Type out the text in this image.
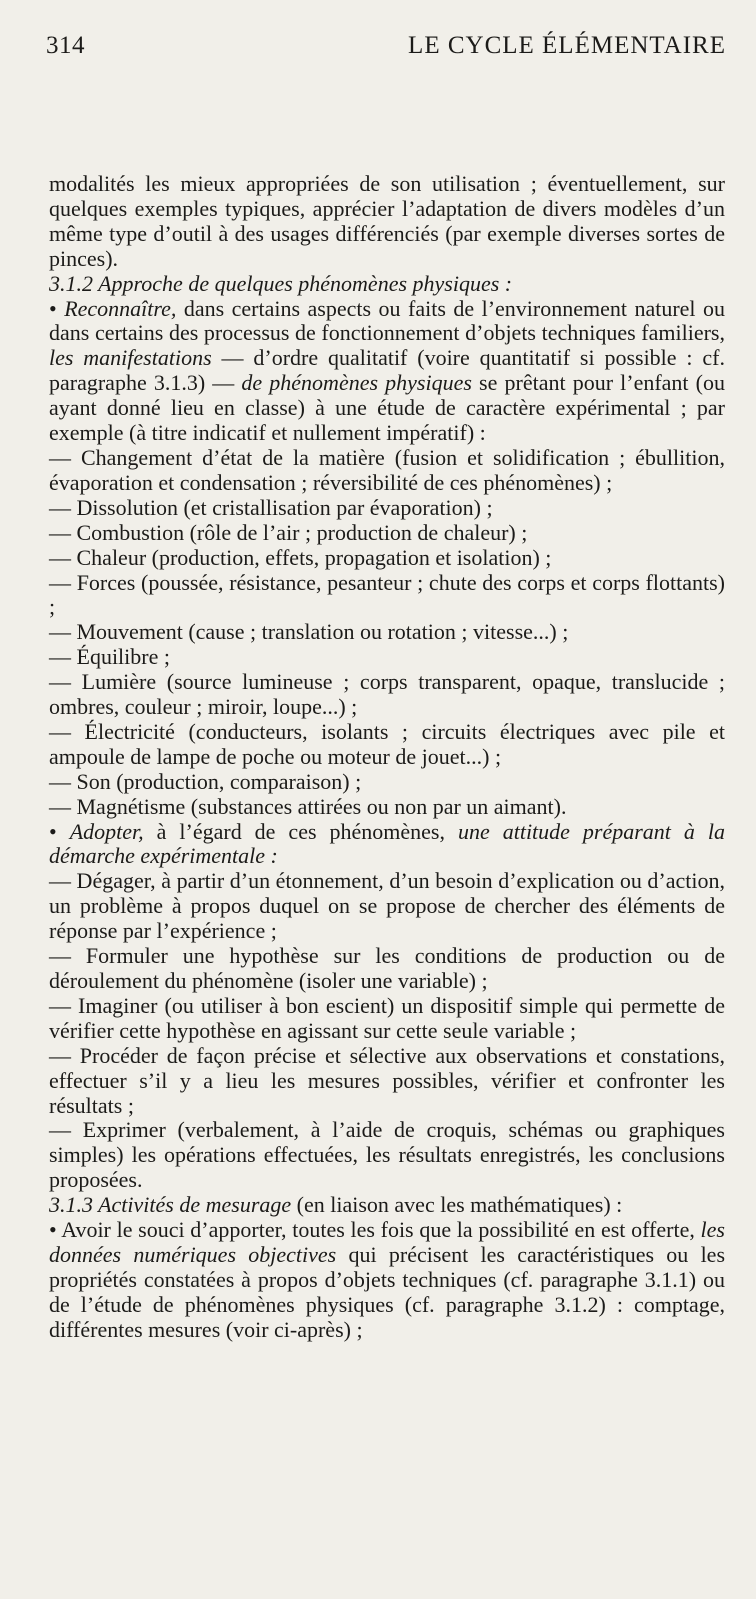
314	LE CYCLE ÉLÉMENTAIRE

modalités les mieux appropriées de son utilisation ; éventuellement, sur quelques exemples typiques, apprécier l’adaptation de divers modèles d’un même type d’outil à des usages différenciés (par exemple diverses sortes de pinces).

3.1.2 Approche de quelques phénomènes physiques :

• Reconnaître, dans certains aspects ou faits de l’environnement naturel ou dans certains des processus de fonctionnement d’objets techniques familiers, les manifestations — d’ordre qualitatif (voire quantitatif si possible : cf. paragraphe 3.1.3) — de phénomènes physiques se prêtant pour l’enfant (ou ayant donné lieu en classe) à une étude de caractère expérimental ; par exemple (à titre indicatif et nullement impératif) :

— Changement d’état de la matière (fusion et solidification ; ébullition, évaporation et condensation ; réversibilité de ces phénomènes) ;

— Dissolution (et cristallisation par évaporation) ;

— Combustion (rôle de l’air ; production de chaleur) ;

— Chaleur (production, effets, propagation et isolation) ;

— Forces (poussée, résistance, pesanteur ; chute des corps et corps flottants) ;

— Mouvement (cause ; translation ou rotation ; vitesse...) ;

— Équilibre ;

— Lumière (source lumineuse ; corps transparent, opaque, translucide ; ombres, couleur ; miroir, loupe...) ;

— Électricité (conducteurs, isolants ; circuits électriques avec pile et ampoule de lampe de poche ou moteur de jouet...) ;

— Son (production, comparaison) ;

— Magnétisme (substances attirées ou non par un aimant).

• Adopter, à l’égard de ces phénomènes, une attitude préparant à la démarche expérimentale :

— Dégager, à partir d’un étonnement, d’un besoin d’explication ou d’action, un problème à propos duquel on se propose de chercher des éléments de réponse par l’expérience ;

— Formuler une hypothèse sur les conditions de production ou de déroulement du phénomène (isoler une variable) ;

— Imaginer (ou utiliser à bon escient) un dispositif simple qui permette de vérifier cette hypothèse en agissant sur cette seule variable ;

— Procéder de façon précise et sélective aux observations et constations, effectuer s’il y a lieu les mesures possibles, vérifier et confronter les résultats ;

— Exprimer (verbalement, à l’aide de croquis, schémas ou graphiques simples) les opérations effectuées, les résultats enregistrés, les conclusions proposées.

3.1.3 Activités de mesurage (en liaison avec les mathématiques) :

• Avoir le souci d’apporter, toutes les fois que la possibilité en est offerte, les données numériques objectives qui précisent les caractéristiques ou les propriétés constatées à propos d’objets techniques (cf. paragraphe 3.1.1) ou de l’étude de phénomènes physiques (cf. paragraphe 3.1.2) : comptage, différentes mesures (voir ci-après) ;
